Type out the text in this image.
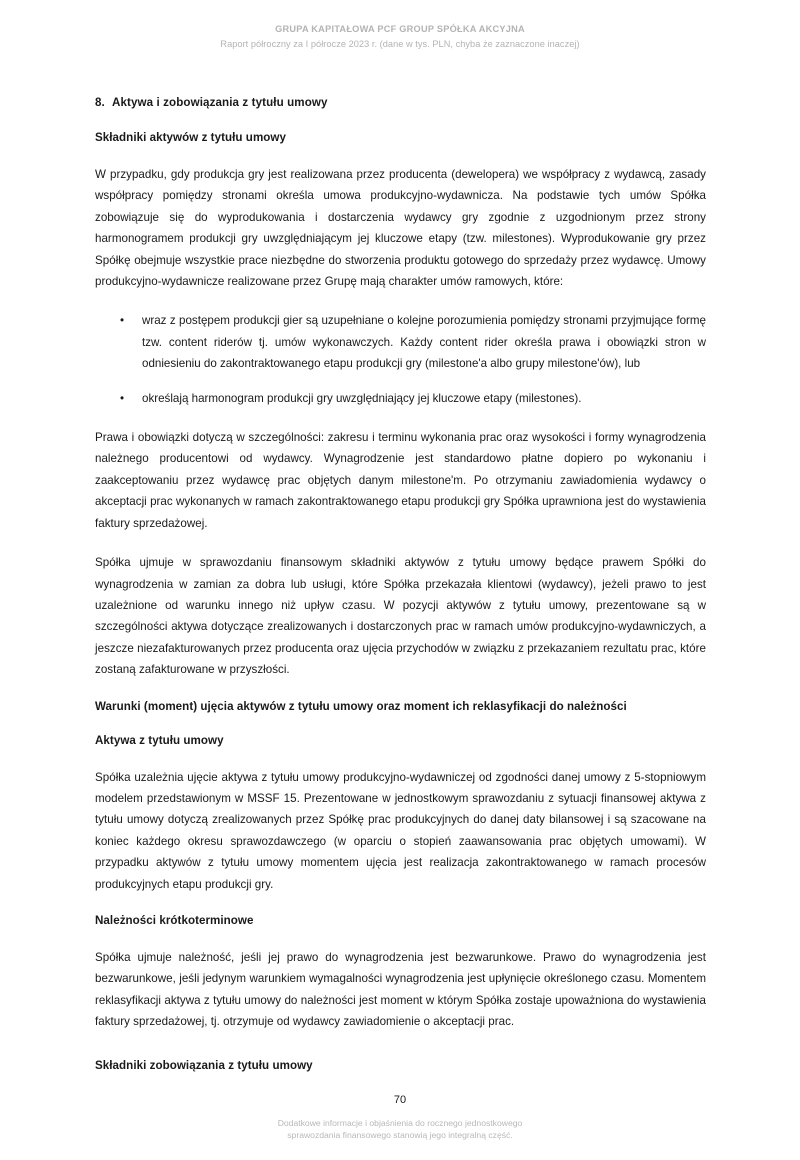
GRUPA KAPITAŁOWA PCF GROUP SPÓŁKA AKCYJNA
Raport półroczny za I półrocze 2023 r. (dane w tys. PLN, chyba że zaznaczone inaczej)
8. Aktywa i zobowiązania z tytułu umowy
Składniki aktywów z tytułu umowy

W przypadku, gdy produkcja gry jest realizowana przez producenta (dewelopera) we współpracy z wydawcą, zasady współpracy pomiędzy stronami określa umowa produkcyjno-wydawnicza. Na podstawie tych umów Spółka zobowiązuje się do wyprodukowania i dostarczenia wydawcy gry zgodnie z uzgodnionym przez strony harmonogramem produkcji gry uwzględniającym jej kluczowe etapy (tzw. milestones). Wyprodukowanie gry przez Spółkę obejmuje wszystkie prace niezbędne do stworzenia produktu gotowego do sprzedaży przez wydawcę. Umowy produkcyjno-wydawnicze realizowane przez Grupę mają charakter umów ramowych, które:

• wraz z postępem produkcji gier są uzupełniane o kolejne porozumienia pomiędzy stronami przyjmujące formę tzw. content riderów tj. umów wykonawczych. Każdy content rider określa prawa i obowiązki stron w odniesieniu do zakontraktowanego etapu produkcji gry (milestone'a albo grupy milestone'ów), lub
• określają harmonogram produkcji gry uwzględniający jej kluczowe etapy (milestones).

Prawa i obowiązki dotyczą w szczególności: zakresu i terminu wykonania prac oraz wysokości i formy wynagrodzenia należnego producentowi od wydawcy. Wynagrodzenie jest standardowo płatne dopiero po wykonaniu i zaakceptowaniu przez wydawcę prac objętych danym milestone'm. Po otrzymaniu zawiadomienia wydawcy o akceptacji prac wykonanych w ramach zakontraktowanego etapu produkcji gry Spółka uprawniona jest do wystawienia faktury sprzedażowej.

Spółka ujmuje w sprawozdaniu finansowym składniki aktywów z tytułu umowy będące prawem Spółki do wynagrodzenia w zamian za dobra lub usługi, które Spółka przekazała klientowi (wydawcy), jeżeli prawo to jest uzależnione od warunku innego niż upływ czasu. W pozycji aktywów z tytułu umowy, prezentowane są w szczególności aktywa dotyczące zrealizowanych i dostarczonych prac w ramach umów produkcyjno-wydawniczych, a jeszcze niezafakturowanych przez producenta oraz ujęcia przychodów w związku z przekazaniem rezultatu prac, które zostaną zafakturowane w przyszłości.

Warunki (moment) ujęcia aktywów z tytułu umowy oraz moment ich reklasyfikacji do należności
Aktywa z tytułu umowy

Spółka uzależnia ujęcie aktywa z tytułu umowy produkcyjno-wydawniczej od zgodności danej umowy z 5-stopniowym modelem przedstawionym w MSSF 15. Prezentowane w jednostkowym sprawozdaniu z sytuacji finansowej aktywa z tytułu umowy dotyczą zrealizowanych przez Spółkę prac produkcyjnych do danej daty bilansowej i są szacowane na koniec każdego okresu sprawozdawczego (w oparciu o stopień zaawansowania prac objętych umowami). W przypadku aktywów z tytułu umowy momentem ujęcia jest realizacja zakontraktowanego w ramach procesów produkcyjnych etapu produkcji gry.

Należności krótkoterminowe

Spółka ujmuje należność, jeśli jej prawo do wynagrodzenia jest bezwarunkowe. Prawo do wynagrodzenia jest bezwarunkowe, jeśli jedynym warunkiem wymagalności wynagrodzenia jest upłynięcie określonego czasu. Momentem reklasyfikacji aktywa z tytułu umowy do należności jest moment w którym Spółka zostaje upoważniona do wystawienia faktury sprzedażowej, tj. otrzymuje od wydawcy zawiadomienie o akceptacji prac.

Składniki zobowiązania z tytułu umowy
70
Dodatkowe informacje i objaśnienia do rocznego jednostkowego
sprawozdania finansowego stanowią jego integralną część.
